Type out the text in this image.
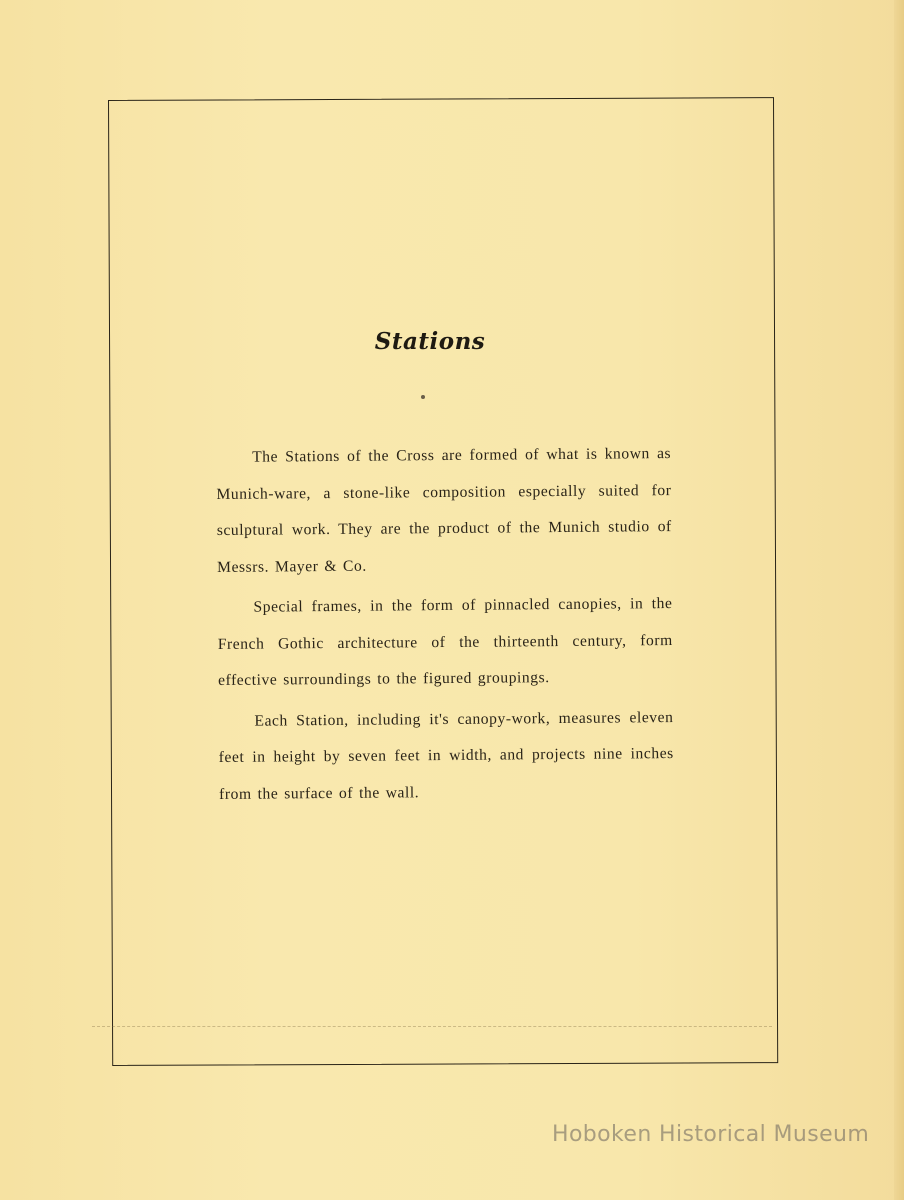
Stations

The Stations of the Cross are formed of what is known as Munich-ware, a stone-like composition especially suited for sculptural work. They are the product of the Munich studio of Messrs. Mayer & Co.

Special frames, in the form of pinnacled canopies, in the French Gothic architecture of the thirteenth century, form effective surroundings to the figured groupings.

Each Station, including it's canopy-work, measures eleven feet in height by seven feet in width, and projects nine inches from the surface of the wall.

Hoboken Historical Museum
